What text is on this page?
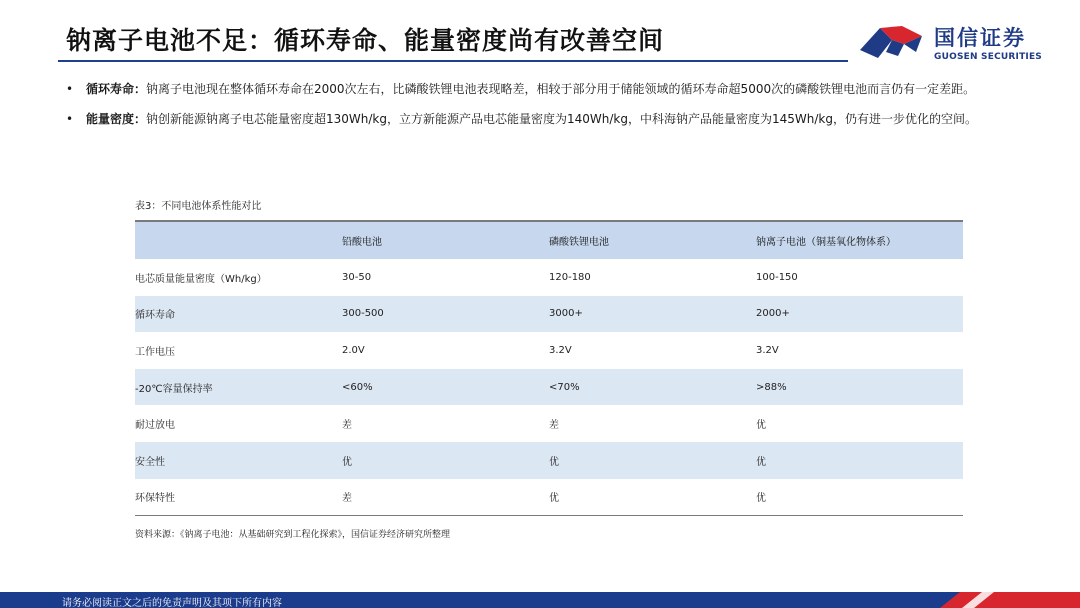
钠离子电池不足：循环寿命、能量密度尚有改善空间	国信证券
GUOSEN SECURITIES
• 循环寿命：钠离子电池现在整体循环寿命在2000次左右，比磷酸铁锂电池表现略差，相较于部分用于储能领域的循环寿命超5000次的磷酸铁锂电池而言仍有一定差距。
• 能量密度：钠创新能源钠离子电芯能量密度超130Wh/kg，立方新能源产品电芯能量密度为140Wh/kg，中科海钠产品能量密度为145Wh/kg，仍有进一步优化的空间。
表3：不同电池体系性能对比
	铅酸电池	磷酸铁锂电池	钠离子电池（铜基氧化物体系）
电芯质量能量密度（Wh/kg）	30-50	120-180	100-150
循环寿命	300-500	3000+	2000+
工作电压	2.0V	3.2V	3.2V
-20℃容量保持率	<60%	<70%	>88%
耐过放电	差	差	优
安全性	优	优	优
环保特性	差	优	优
资料来源：《钠离子电池：从基础研究到工程化探索》，国信证券经济研究所整理
请务必阅读正文之后的免责声明及其项下所有内容
